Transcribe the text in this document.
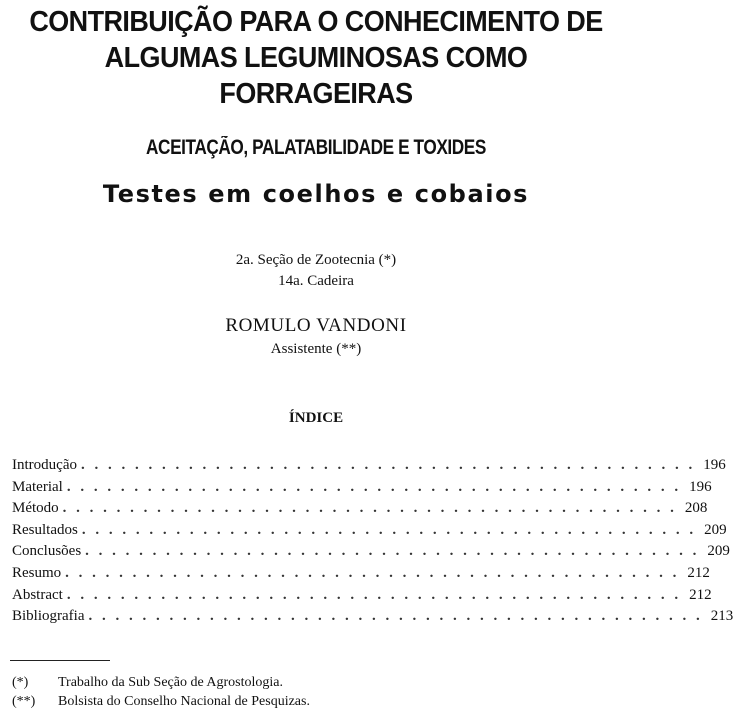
CONTRIBUIÇÃO PARA O CONHECIMENTO DE
ALGUMAS LEGUMINOSAS COMO
FORRAGEIRAS
ACEITAÇÃO, PALATABILIDADE E TOXIDES
Testes em coelhos e cobaios
2a. Seção de Zootecnia (*)
14a. Cadeira
ROMULO VANDONI
Assistente (**)
ÍNDICE
Introdução . . . . . . . . . . . . . . . . . . . . . . . . . . . . . . . . . . . . . . . . . . . . . . 196
Material . . . . . . . . . . . . . . . . . . . . . . . . . . . . . . . . . . . . . . . . . . . . . . 196
Método . . . . . . . . . . . . . . . . . . . . . . . . . . . . . . . . . . . . . . . . . . . . . . 208
Resultados . . . . . . . . . . . . . . . . . . . . . . . . . . . . . . . . . . . . . . . . . . . . . . 209
Conclusões . . . . . . . . . . . . . . . . . . . . . . . . . . . . . . . . . . . . . . . . . . . . . . 209
Resumo . . . . . . . . . . . . . . . . . . . . . . . . . . . . . . . . . . . . . . . . . . . . . . 212
Abstract . . . . . . . . . . . . . . . . . . . . . . . . . . . . . . . . . . . . . . . . . . . . . . 212
Bibliografia . . . . . . . . . . . . . . . . . . . . . . . . . . . . . . . . . . . . . . . . . . . . . . 213
(*) Trabalho da Sub Seção de Agrostologia.
(**) Bolsista do Conselho Nacional de Pesquizas.
